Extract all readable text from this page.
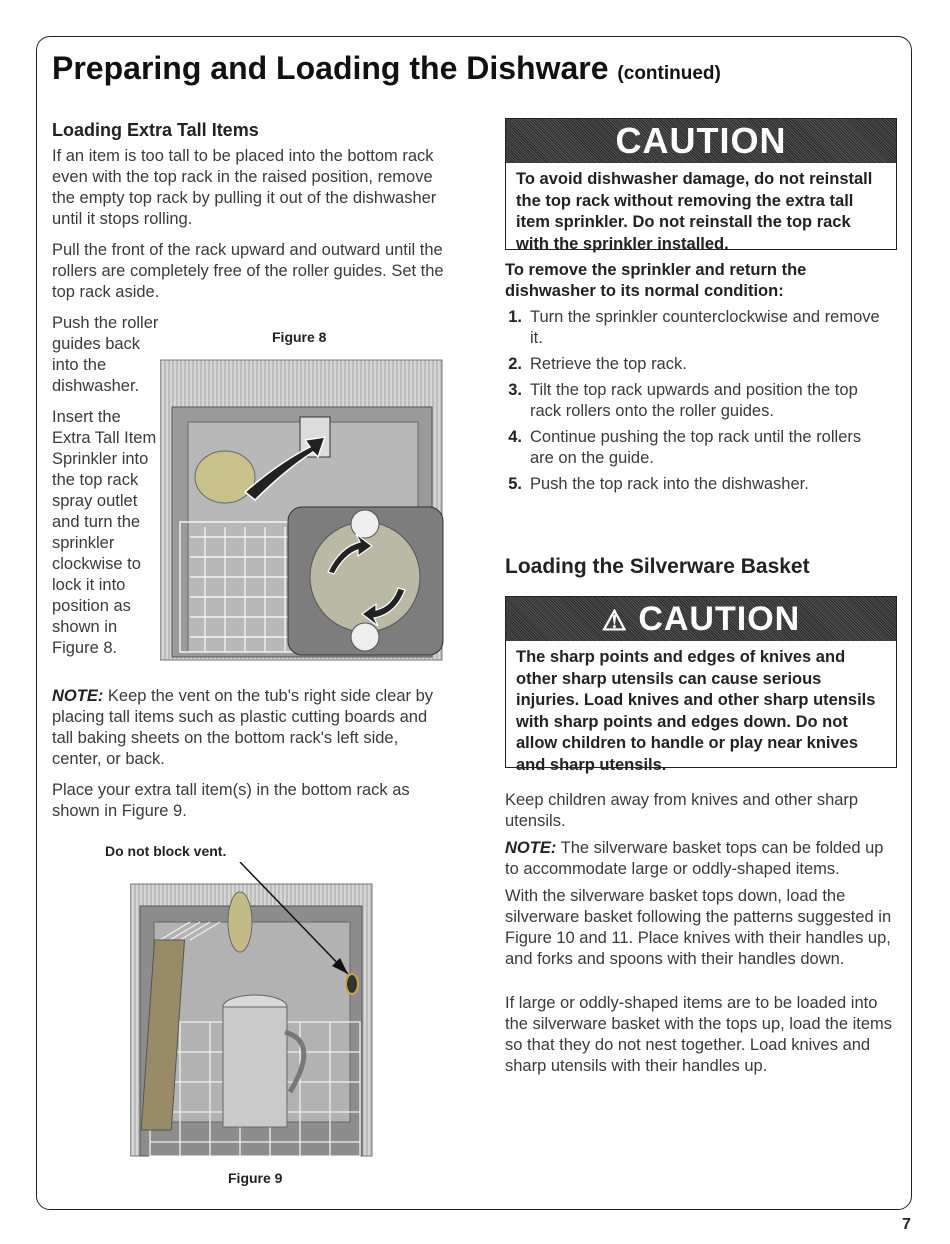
Preparing and Loading the Dishware (continued)
Loading Extra Tall Items
If an item is too tall to be placed into the bottom rack even with the top rack in the raised position, remove the empty top rack by pulling it out of the dishwasher until it stops rolling.
Pull the front of the rack upward and outward until the rollers are completely free of the roller guides. Set the top rack aside.
Push the roller guides back into the dishwasher.
Insert the Extra Tall Item Sprinkler into the top rack spray outlet and turn the sprinkler clockwise to lock it into position as shown in Figure 8.
NOTE: Keep the vent on the tub's right side clear by placing tall items such as plastic cutting boards and tall baking sheets on the bottom rack's left side, center, or back.
Place your extra tall item(s) in the bottom rack as shown in Figure 9.
Figure 8
Do not block vent.
Figure 9
CAUTION
To avoid dishwasher damage, do not reinstall the top rack without removing the extra tall item sprinkler. Do not reinstall the top rack with the sprinkler installed.
To remove the sprinkler and return the dishwasher to its normal condition:
1. Turn the sprinkler counterclockwise and remove it.
2. Retrieve the top rack.
3. Tilt the top rack upwards and position the top rack rollers onto the roller guides.
4. Continue pushing the top rack until the rollers are on the guide.
5. Push the top rack into the dishwasher.
Loading the Silverware Basket
⚠ CAUTION
The sharp points and edges of knives and other sharp utensils can cause serious injuries. Load knives and other sharp utensils with sharp points and edges down. Do not allow children to handle or play near knives and sharp utensils.
Keep children away from knives and other sharp utensils.
NOTE: The silverware basket tops can be folded up to accommodate large or oddly-shaped items.
With the silverware basket tops down, load the silverware basket following the patterns suggested in Figure 10 and 11. Place knives with their handles up, and forks and spoons with their handles down.
If large or oddly-shaped items are to be loaded into the silverware basket with the tops up, load the items so that they do not nest together. Load knives and sharp utensils with their handles up.
7
